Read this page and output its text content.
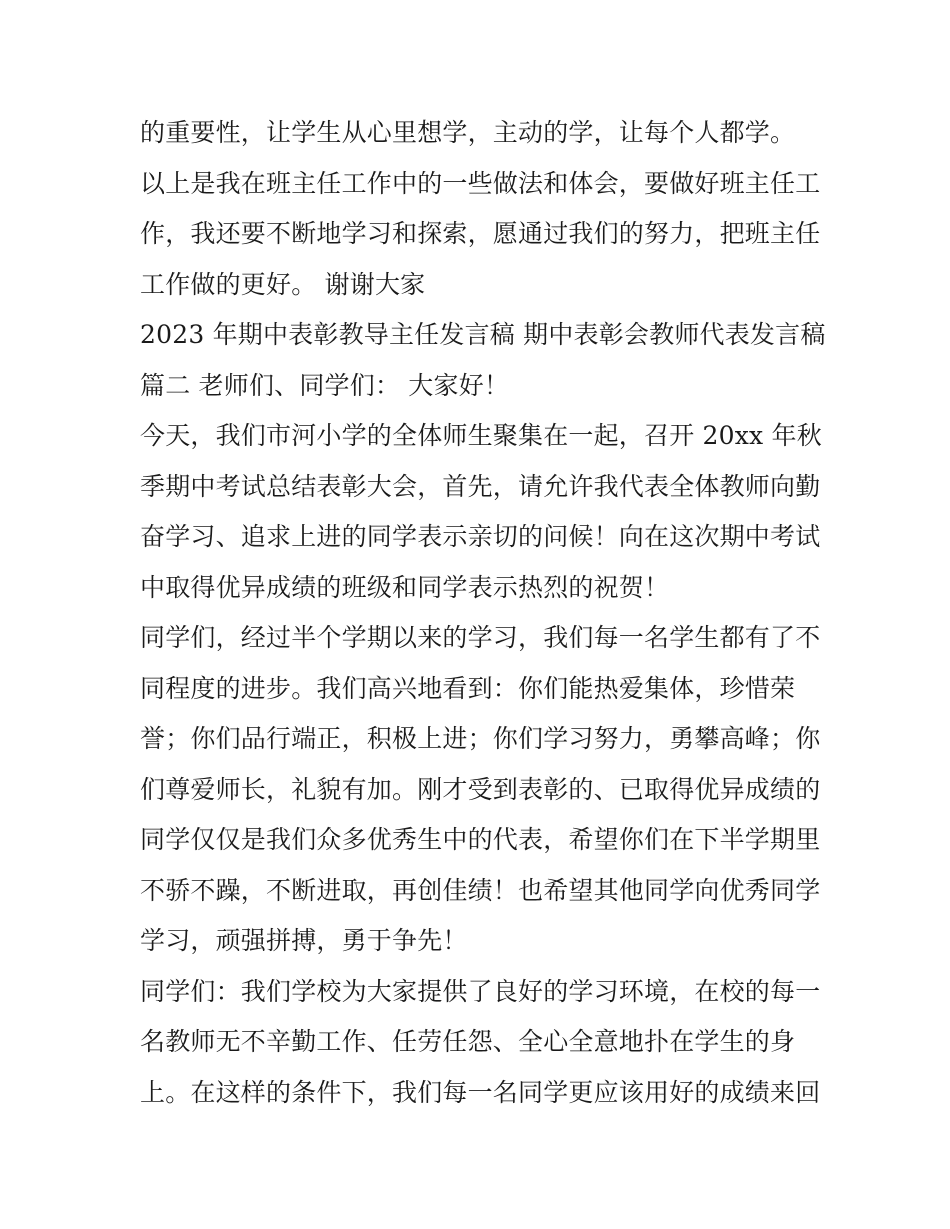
的重要性，让学生从心里想学，主动的学，让每个人都学。
以上是我在班主任工作中的一些做法和体会，要做好班主任工
作，我还要不断地学习和探索，愿通过我们的努力，把班主任
工作做的更好。 谢谢大家
2023 年期中表彰教导主任发言稿 期中表彰会教师代表发言稿
篇二 老师们、同学们： 大家好！
今天，我们市河小学的全体师生聚集在一起，召开 20xx 年秋
季期中考试总结表彰大会，首先，请允许我代表全体教师向勤
奋学习、追求上进的同学表示亲切的问候！向在这次期中考试
中取得优异成绩的班级和同学表示热烈的祝贺！
同学们，经过半个学期以来的学习，我们每一名学生都有了不
同程度的进步。我们高兴地看到：你们能热爱集体，珍惜荣
誉；你们品行端正，积极上进；你们学习努力，勇攀高峰；你
们尊爱师长，礼貌有加。刚才受到表彰的、已取得优异成绩的
同学仅仅是我们众多优秀生中的代表，希望你们在下半学期里
不骄不躁，不断进取，再创佳绩！也希望其他同学向优秀同学
学习，顽强拼搏，勇于争先！
同学们：我们学校为大家提供了良好的学习环境，在校的每一
名教师无不辛勤工作、任劳任怨、全心全意地扑在学生的身
上。在这样的条件下，我们每一名同学更应该用好的成绩来回
